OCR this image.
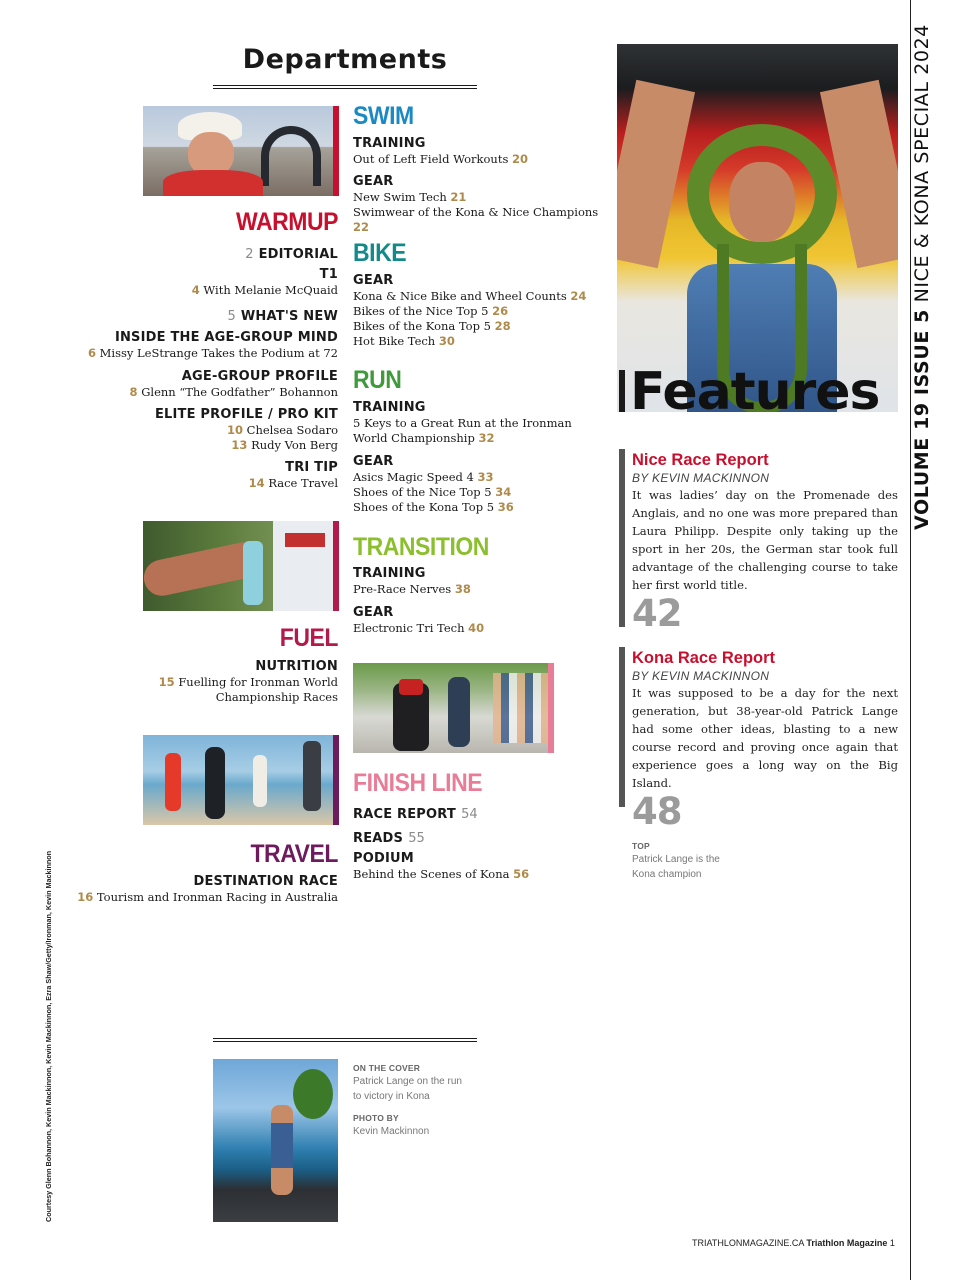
Departments
WARMUP
2 EDITORIAL
T1
4 With Melanie McQuaid
5 WHAT'S NEW
INSIDE THE AGE-GROUP MIND
6 Missy LeStrange Takes the Podium at 72
AGE-GROUP PROFILE
8 Glenn “The Godfather” Bohannon
ELITE PROFILE / PRO KIT
10 Chelsea Sodaro
13 Rudy Von Berg
TRI TIP
14 Race Travel
FUEL
NUTRITION
15 Fuelling for Ironman World
Championship Races
TRAVEL
DESTINATION RACE
16 Tourism and Ironman Racing in Australia
SWIM
TRAINING
Out of Left Field Workouts 20
GEAR
New Swim Tech 21
Swimwear of the Kona & Nice Champions 22
BIKE
GEAR
Kona & Nice Bike and Wheel Counts 24
Bikes of the Nice Top 5 26
Bikes of the Kona Top 5 28
Hot Bike Tech 30
RUN
TRAINING
5 Keys to a Great Run at the Ironman
World Championship 32
GEAR
Asics Magic Speed 4 33
Shoes of the Nice Top 5 34
Shoes of the Kona Top 5 36
TRANSITION
TRAINING
Pre-Race Nerves 38
GEAR
Electronic Tri Tech 40
FINISH LINE
RACE REPORT 54
READS 55
PODIUM
Behind the Scenes of Kona 56
Features
Nice Race Report
BY KEVIN MACKINNON
It was ladies’ day on the Promenade des Anglais, and no one was more prepared than Laura Philipp. Despite only taking up the sport in her 20s, the German star took full advantage of the challenging course to take her first world title.
42
Kona Race Report
BY KEVIN MACKINNON
It was supposed to be a day for the next generation, but 38-year-old Patrick Lange had some other ideas, blasting to a new course record and proving once again that experience goes a long way on the Big Island.
48
TOP
Patrick Lange is the
Kona champion
VOLUME 19 ISSUE 5 NICE & KONA SPECIAL 2024
Courtesy Glenn Bohannon, Kevin Mackinnon, Kevin Mackinnon, Ezra Shaw/Getty/Ironman, Kevin Mackinnon	ON THE COVER
Patrick Lange on the run
to victory in Kona
PHOTO BY
Kevin Mackinnon
TRIATHLONMAGAZINE.CA Triathlon Magazine 1
